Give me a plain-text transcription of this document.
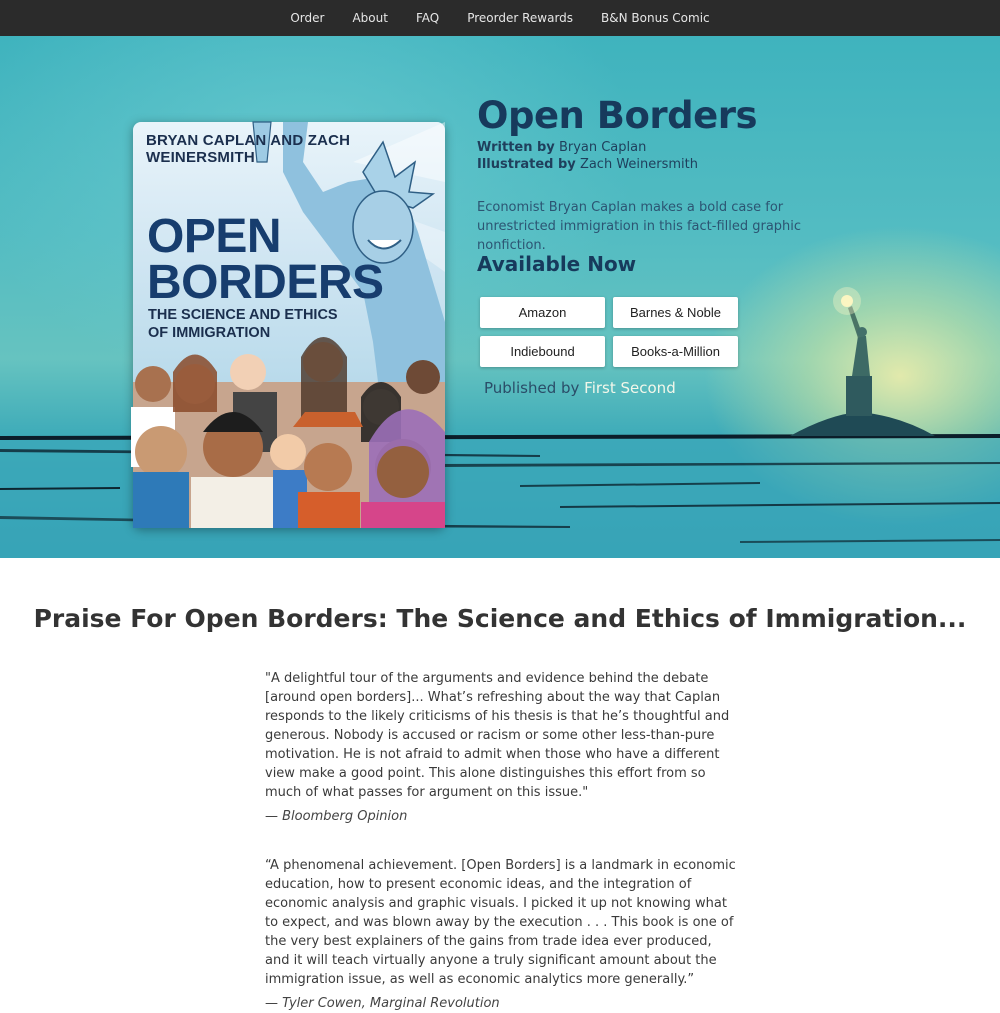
Order About FAQ Preorder Rewards B&N Bonus Comic
BRYAN CAPLAN AND ZACH WEINERSMITH
OPEN
BORDERS
THE SCIENCE AND ETHICS
OF IMMIGRATION
Open Borders
Written by Bryan Caplan
Illustrated by Zach Weinersmith

Economist Bryan Caplan makes a bold case for unrestricted immigration in this fact-filled graphic nonfiction.

Available Now
Amazon	Barnes & Noble
Indiebound	Books-a-Million
Published by First Second
Praise For Open Borders: The Science and Ethics of Immigration...

"A delightful tour of the arguments and evidence behind the debate [around open borders]... What’s refreshing about the way that Caplan responds to the likely criticisms of his thesis is that he’s thoughtful and generous. Nobody is accused or racism or some other less-than-pure motivation. He is not afraid to admit when those who have a different view make a good point. This alone distinguishes this effort from so much of what passes for argument on this issue."

— Bloomberg Opinion

“A phenomenal achievement. [Open Borders] is a landmark in economic education, how to present economic ideas, and the integration of economic analysis and graphic visuals. I picked it up not knowing what to expect, and was blown away by the execution . . . This book is one of the very best explainers of the gains from trade idea ever produced, and it will teach virtually anyone a truly significant amount about the immigration issue, as well as economic analytics more generally.”

— Tyler Cowen, Marginal Revolution
